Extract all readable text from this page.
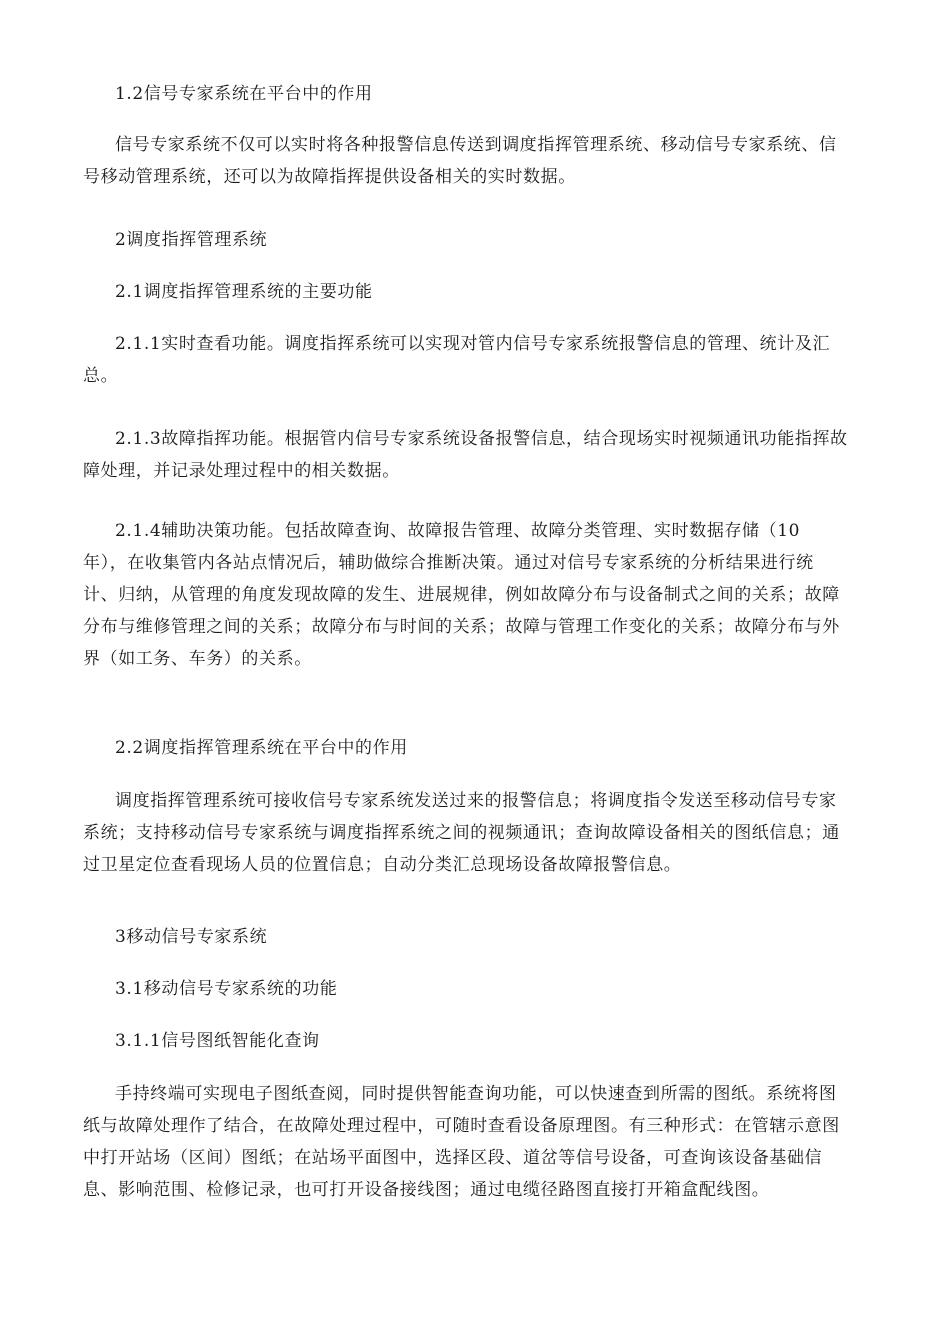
1.2信号专家系统在平台中的作用

信号专家系统不仅可以实时将各种报警信息传送到调度指挥管理系统、移动信号专家系统、信
号移动管理系统，还可以为故障指挥提供设备相关的实时数据。

2调度指挥管理系统

2.1调度指挥管理系统的主要功能

2.1.1实时查看功能。调度指挥系统可以实现对管内信号专家系统报警信息的管理、统计及汇
总。

2.1.3故障指挥功能。根据管内信号专家系统设备报警信息，结合现场实时视频通讯功能指挥故
障处理，并记录处理过程中的相关数据。

2.1.4辅助决策功能。包括故障查询、故障报告管理、故障分类管理、实时数据存储（10
年），在收集管内各站点情况后，辅助做综合推断决策。通过对信号专家系统的分析结果进行统
计、归纳，从管理的角度发现故障的发生、进展规律，例如故障分布与设备制式之间的关系；故障
分布与维修管理之间的关系；故障分布与时间的关系；故障与管理工作变化的关系；故障分布与外
界（如工务、车务）的关系。

2.2调度指挥管理系统在平台中的作用

调度指挥管理系统可接收信号专家系统发送过来的报警信息；将调度指令发送至移动信号专家
系统；支持移动信号专家系统与调度指挥系统之间的视频通讯；查询故障设备相关的图纸信息；通
过卫星定位查看现场人员的位置信息；自动分类汇总现场设备故障报警信息。

3移动信号专家系统

3.1移动信号专家系统的功能

3.1.1信号图纸智能化查询

手持终端可实现电子图纸查阅，同时提供智能查询功能，可以快速查到所需的图纸。系统将图
纸与故障处理作了结合，在故障处理过程中，可随时查看设备原理图。有三种形式：在管辖示意图
中打开站场（区间）图纸；在站场平面图中，选择区段、道岔等信号设备，可查询该设备基础信
息、影响范围、检修记录，也可打开设备接线图；通过电缆径路图直接打开箱盒配线图。
